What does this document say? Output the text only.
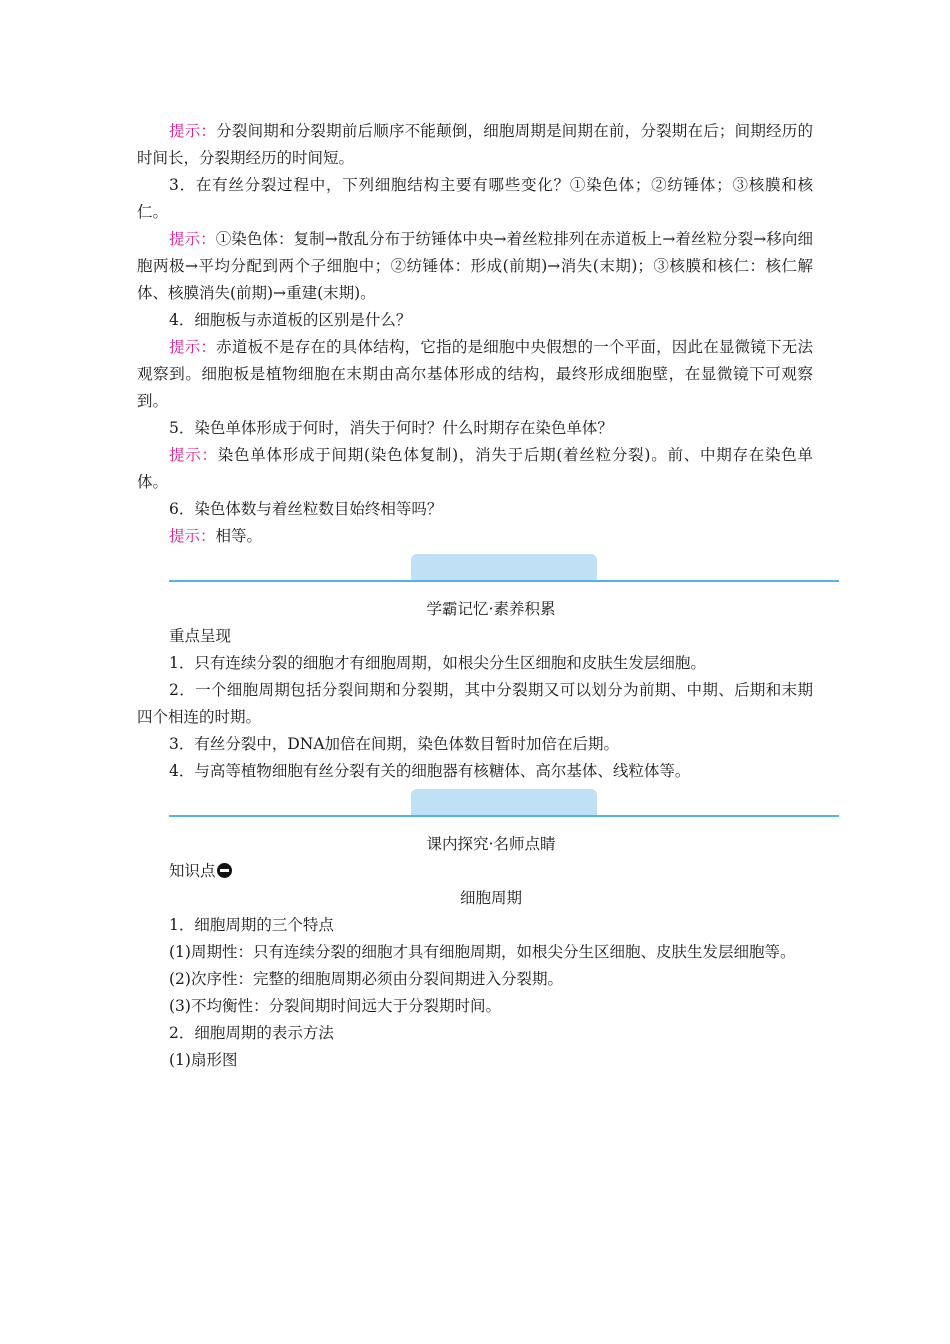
提示：分裂间期和分裂期前后顺序不能颠倒，细胞周期是间期在前，分裂期在后；间期经历的时间长，分裂期经历的时间短。

3．在有丝分裂过程中，下列细胞结构主要有哪些变化？①染色体；②纺锤体；③核膜和核仁。

提示：①染色体：复制→散乱分布于纺锤体中央→着丝粒排列在赤道板上→着丝粒分裂→移向细胞两极→平均分配到两个子细胞中；②纺锤体：形成(前期)→消失(末期)；③核膜和核仁：核仁解体、核膜消失(前期)→重建(末期)。

4．细胞板与赤道板的区别是什么？

提示：赤道板不是存在的具体结构，它指的是细胞中央假想的一个平面，因此在显微镜下无法观察到。细胞板是植物细胞在末期由高尔基体形成的结构，最终形成细胞壁，在显微镜下可观察到。

5．染色单体形成于何时，消失于何时？什么时期存在染色单体？

提示：染色单体形成于间期(染色体复制)，消失于后期(着丝粒分裂)。前、中期存在染色单体。

6．染色体数与着丝粒数目始终相等吗？

提示：相等。

学霸记忆·素养积累

重点呈现

1．只有连续分裂的细胞才有细胞周期，如根尖分生区细胞和皮肤生发层细胞。

2．一个细胞周期包括分裂间期和分裂期，其中分裂期又可以划分为前期、中期、后期和末期四个相连的时期。

3．有丝分裂中，DNA加倍在间期，染色体数目暂时加倍在后期。

4．与高等植物细胞有丝分裂有关的细胞器有核糖体、高尔基体、线粒体等。

课内探究·名师点睛

知识点

细胞周期

1．细胞周期的三个特点

(1)周期性：只有连续分裂的细胞才具有细胞周期，如根尖分生区细胞、皮肤生发层细胞等。

(2)次序性：完整的细胞周期必须由分裂间期进入分裂期。

(3)不均衡性：分裂间期时间远大于分裂期时间。

2．细胞周期的表示方法

(1)扇形图
